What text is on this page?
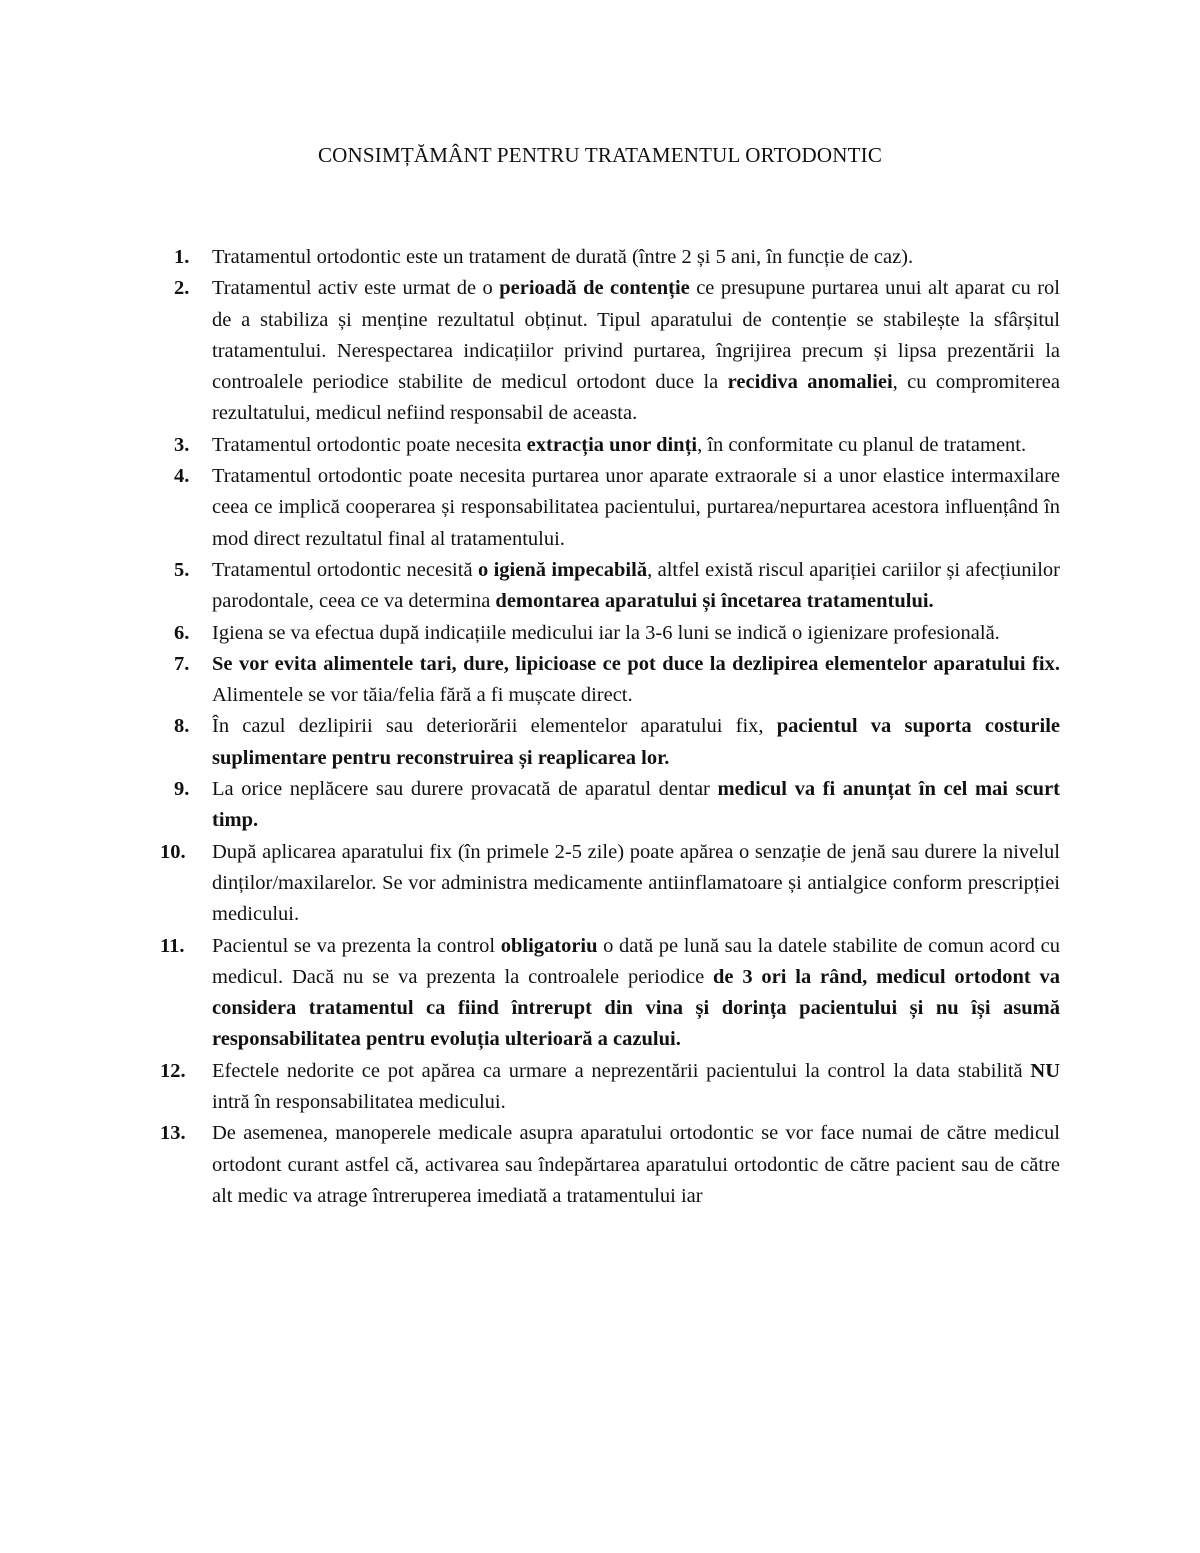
CONSIMȚĂMÂNT PENTRU TRATAMENTUL ORTODONTIC
1. Tratamentul ortodontic este un tratament de durată (între 2 și 5 ani, în funcție de caz).
2. Tratamentul activ este urmat de o perioadă de contenție ce presupune purtarea unui alt aparat cu rol de a stabiliza și menține rezultatul obținut. Tipul aparatului de contenție se stabilește la sfârșitul tratamentului. Nerespectarea indicațiilor privind purtarea, îngrijirea precum și lipsa prezentării la controalele periodice stabilite de medicul ortodont duce la recidiva anomaliei, cu compromiterea rezultatului, medicul nefiind responsabil de aceasta.
3. Tratamentul ortodontic poate necesita extracția unor dinți, în conformitate cu planul de tratament.
4. Tratamentul ortodontic poate necesita purtarea unor aparate extraorale si a unor elastice intermaxilare ceea ce implică cooperarea și responsabilitatea pacientului, purtarea/nepurtarea acestora influențând în mod direct rezultatul final al tratamentului.
5. Tratamentul ortodontic necesită o igienă impecabilă, altfel există riscul apariției cariilor și afecțiunilor parodontale, ceea ce va determina demontarea aparatului și încetarea tratamentului.
6. Igiena se va efectua după indicațiile medicului iar la 3-6 luni se indică o igienizare profesională.
7. Se vor evita alimentele tari, dure, lipicioase ce pot duce la dezlipirea elementelor aparatului fix. Alimentele se vor tăia/felia fără a fi mușcate direct.
8. În cazul dezlipirii sau deteriorării elementelor aparatului fix, pacientul va suporta costurile suplimentare pentru reconstruirea și reaplicarea lor.
9. La orice neplăcere sau durere provacată de aparatul dentar medicul va fi anunțat în cel mai scurt timp.
10. După aplicarea aparatului fix (în primele 2-5 zile) poate apărea o senzație de jenă sau durere la nivelul dinților/maxilarelor. Se vor administra medicamente antiinflamatoare și antialgice conform prescripției medicului.
11. Pacientul se va prezenta la control obligatoriu o dată pe lună sau la datele stabilite de comun acord cu medicul. Dacă nu se va prezenta la controalele periodice de 3 ori la rând, medicul ortodont va considera tratamentul ca fiind întrerupt din vina și dorința pacientului și nu își asumă responsabilitatea pentru evoluția ulterioară a cazului.
12. Efectele nedorite ce pot apărea ca urmare a neprezentării pacientului la control la data stabilită NU intră în responsabilitatea medicului.
13. De asemenea, manoperele medicale asupra aparatului ortodontic se vor face numai de către medicul ortodont curant astfel că, activarea sau îndepărtarea aparatului ortodontic de către pacient sau de către alt medic va atrage întreruperea imediată a tratamentului iar
